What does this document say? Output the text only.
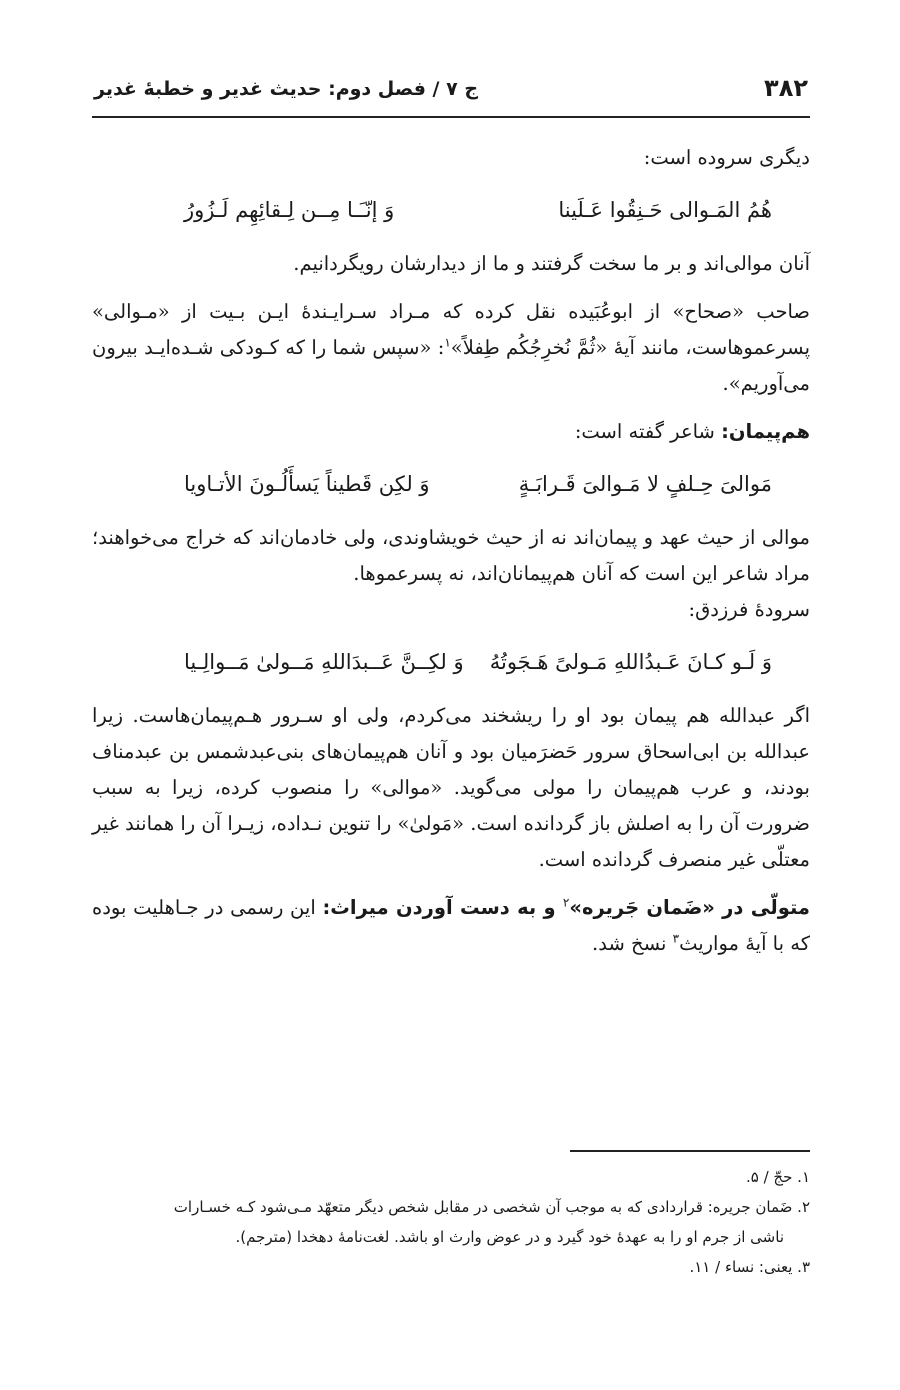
۳۸۲
ج ۷ / فصل دوم: حدیث غدیر و خطبهٔ غدیر

دیگری سروده است:

هُمُ المَـوالی حَـنِقُوا عَـلَینا
وَ إنّـَـا مِــن لِـقائِهِم لَـزُورُ

آنان موالی‌اند و بر ما سخت گرفتند و ما از دیدارشان رویگردانیم.

صاحب «صحاح» از ابوعُبَیده نقل کرده که مـراد سـرایـندهٔ ایـن بـیت از «مـوالی» پسرعموهاست، مانند آیهٔ «ثُمَّ نُخرِجُکُم طِفلاً»$^۱$: «سپس شما را که کـودکی شـده‌ایـد بیرون می‌آوریم».

هم‌پیمان: شاعر گفته است:

مَوالیَ حِـلفٍ لا مَـوالیَ قَـرابَـةٍ
وَ لکِن قَطیناً یَسأَلُـونَ الأتـاویا

موالی از حیث عهد و پیمان‌اند نه از حیث خویشاوندی، ولی خادمان‌اند که خراج می‌خواهند؛ مراد شاعر این است که آنان هم‌پیمانان‌اند، نه پسرعموها.

سرودهٔ فرزدق:

وَ لَـو کـانَ عَـبدُاللهِ مَـولیً هَـجَوتُهُ
وَ لکِــنَّ عَــبدَاللهِ مَــولیٰ مَــوالِـیا

اگر عبدالله هم پیمان بود او را ریشخند می‌کردم، ولی او سـرور هـم‌پیمان‌هاست. زیرا عبدالله بن ابی‌اسحاق سرور حَضرَمیان بود و آنان هم‌پیمان‌های بنی‌عبدشمس بن عبدمناف بودند، و عرب هم‌پیمان را مولی می‌گوید. «موالی» را منصوب کرده، زیرا به سبب ضرورت آن را به اصلش باز گردانده است. «مَولیٰ» را تنوین نـداده، زیـرا آن را همانند غیر معتلّی غیر منصرف گردانده است.

متولّی در «ضَمان جَریره»$^۲$ و به دست آوردن میراث: این رسمی در جـاهلیت بوده که با آیهٔ مواریث$^۳$ نسخ شد.

۱. حجّ / ۵.
۲. ضَمان جریره: قراردادی که به موجب آن شخصی در مقابل شخص دیگر متعهّد مـی‌شود کـه خسـارات
ناشی از جرم او را به عهدهٔ خود گیرد و در عوض وارث او باشد. لغت‌نامهٔ دهخدا (مترجم).
۳. یعنی: نساء / ۱۱.
